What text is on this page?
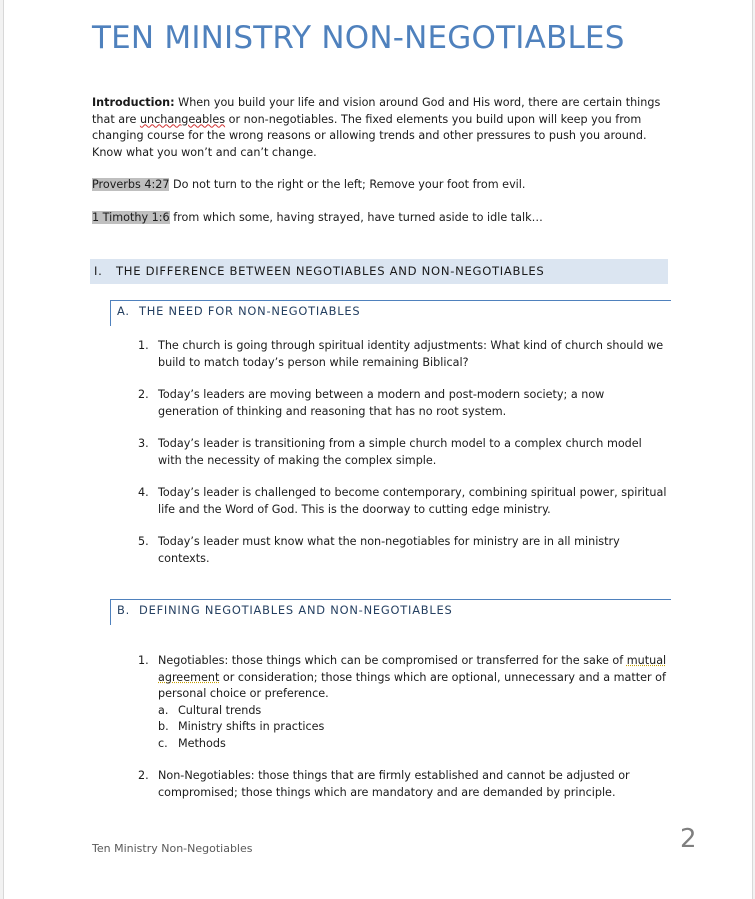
TEN MINISTRY NON-NEGOTIABLES
Introduction: When you build your life and vision around God and His word, there are certain things that are unchangeables or non-negotiables. The fixed elements you build upon will keep you from changing course for the wrong reasons or allowing trends and other pressures to push you around. Know what you won’t and can’t change.
Proverbs 4:27 Do not turn to the right or the left; Remove your foot from evil.
1 Timothy 1:6 from which some, having strayed, have turned aside to idle talk…
I. THE DIFFERENCE BETWEEN NEGOTIABLES AND NON-NEGOTIABLES
A. THE NEED FOR NON-NEGOTIABLES
1. The church is going through spiritual identity adjustments: What kind of church should we build to match today’s person while remaining Biblical?
2. Today’s leaders are moving between a modern and post-modern society; a now generation of thinking and reasoning that has no root system.
3. Today’s leader is transitioning from a simple church model to a complex church model with the necessity of making the complex simple.
4. Today’s leader is challenged to become contemporary, combining spiritual power, spiritual life and the Word of God. This is the doorway to cutting edge ministry.
5. Today’s leader must know what the non-negotiables for ministry are in all ministry contexts.
B. DEFINING NEGOTIABLES AND NON-NEGOTIABLES
1. Negotiables: those things which can be compromised or transferred for the sake of mutual agreement or consideration; those things which are optional, unnecessary and a matter of personal choice or preference.
a. Cultural trends
b. Ministry shifts in practices
c. Methods
2. Non-Negotiables: those things that are firmly established and cannot be adjusted or compromised; those things which are mandatory and are demanded by principle.
Ten Ministry Non-Negotiables	2
